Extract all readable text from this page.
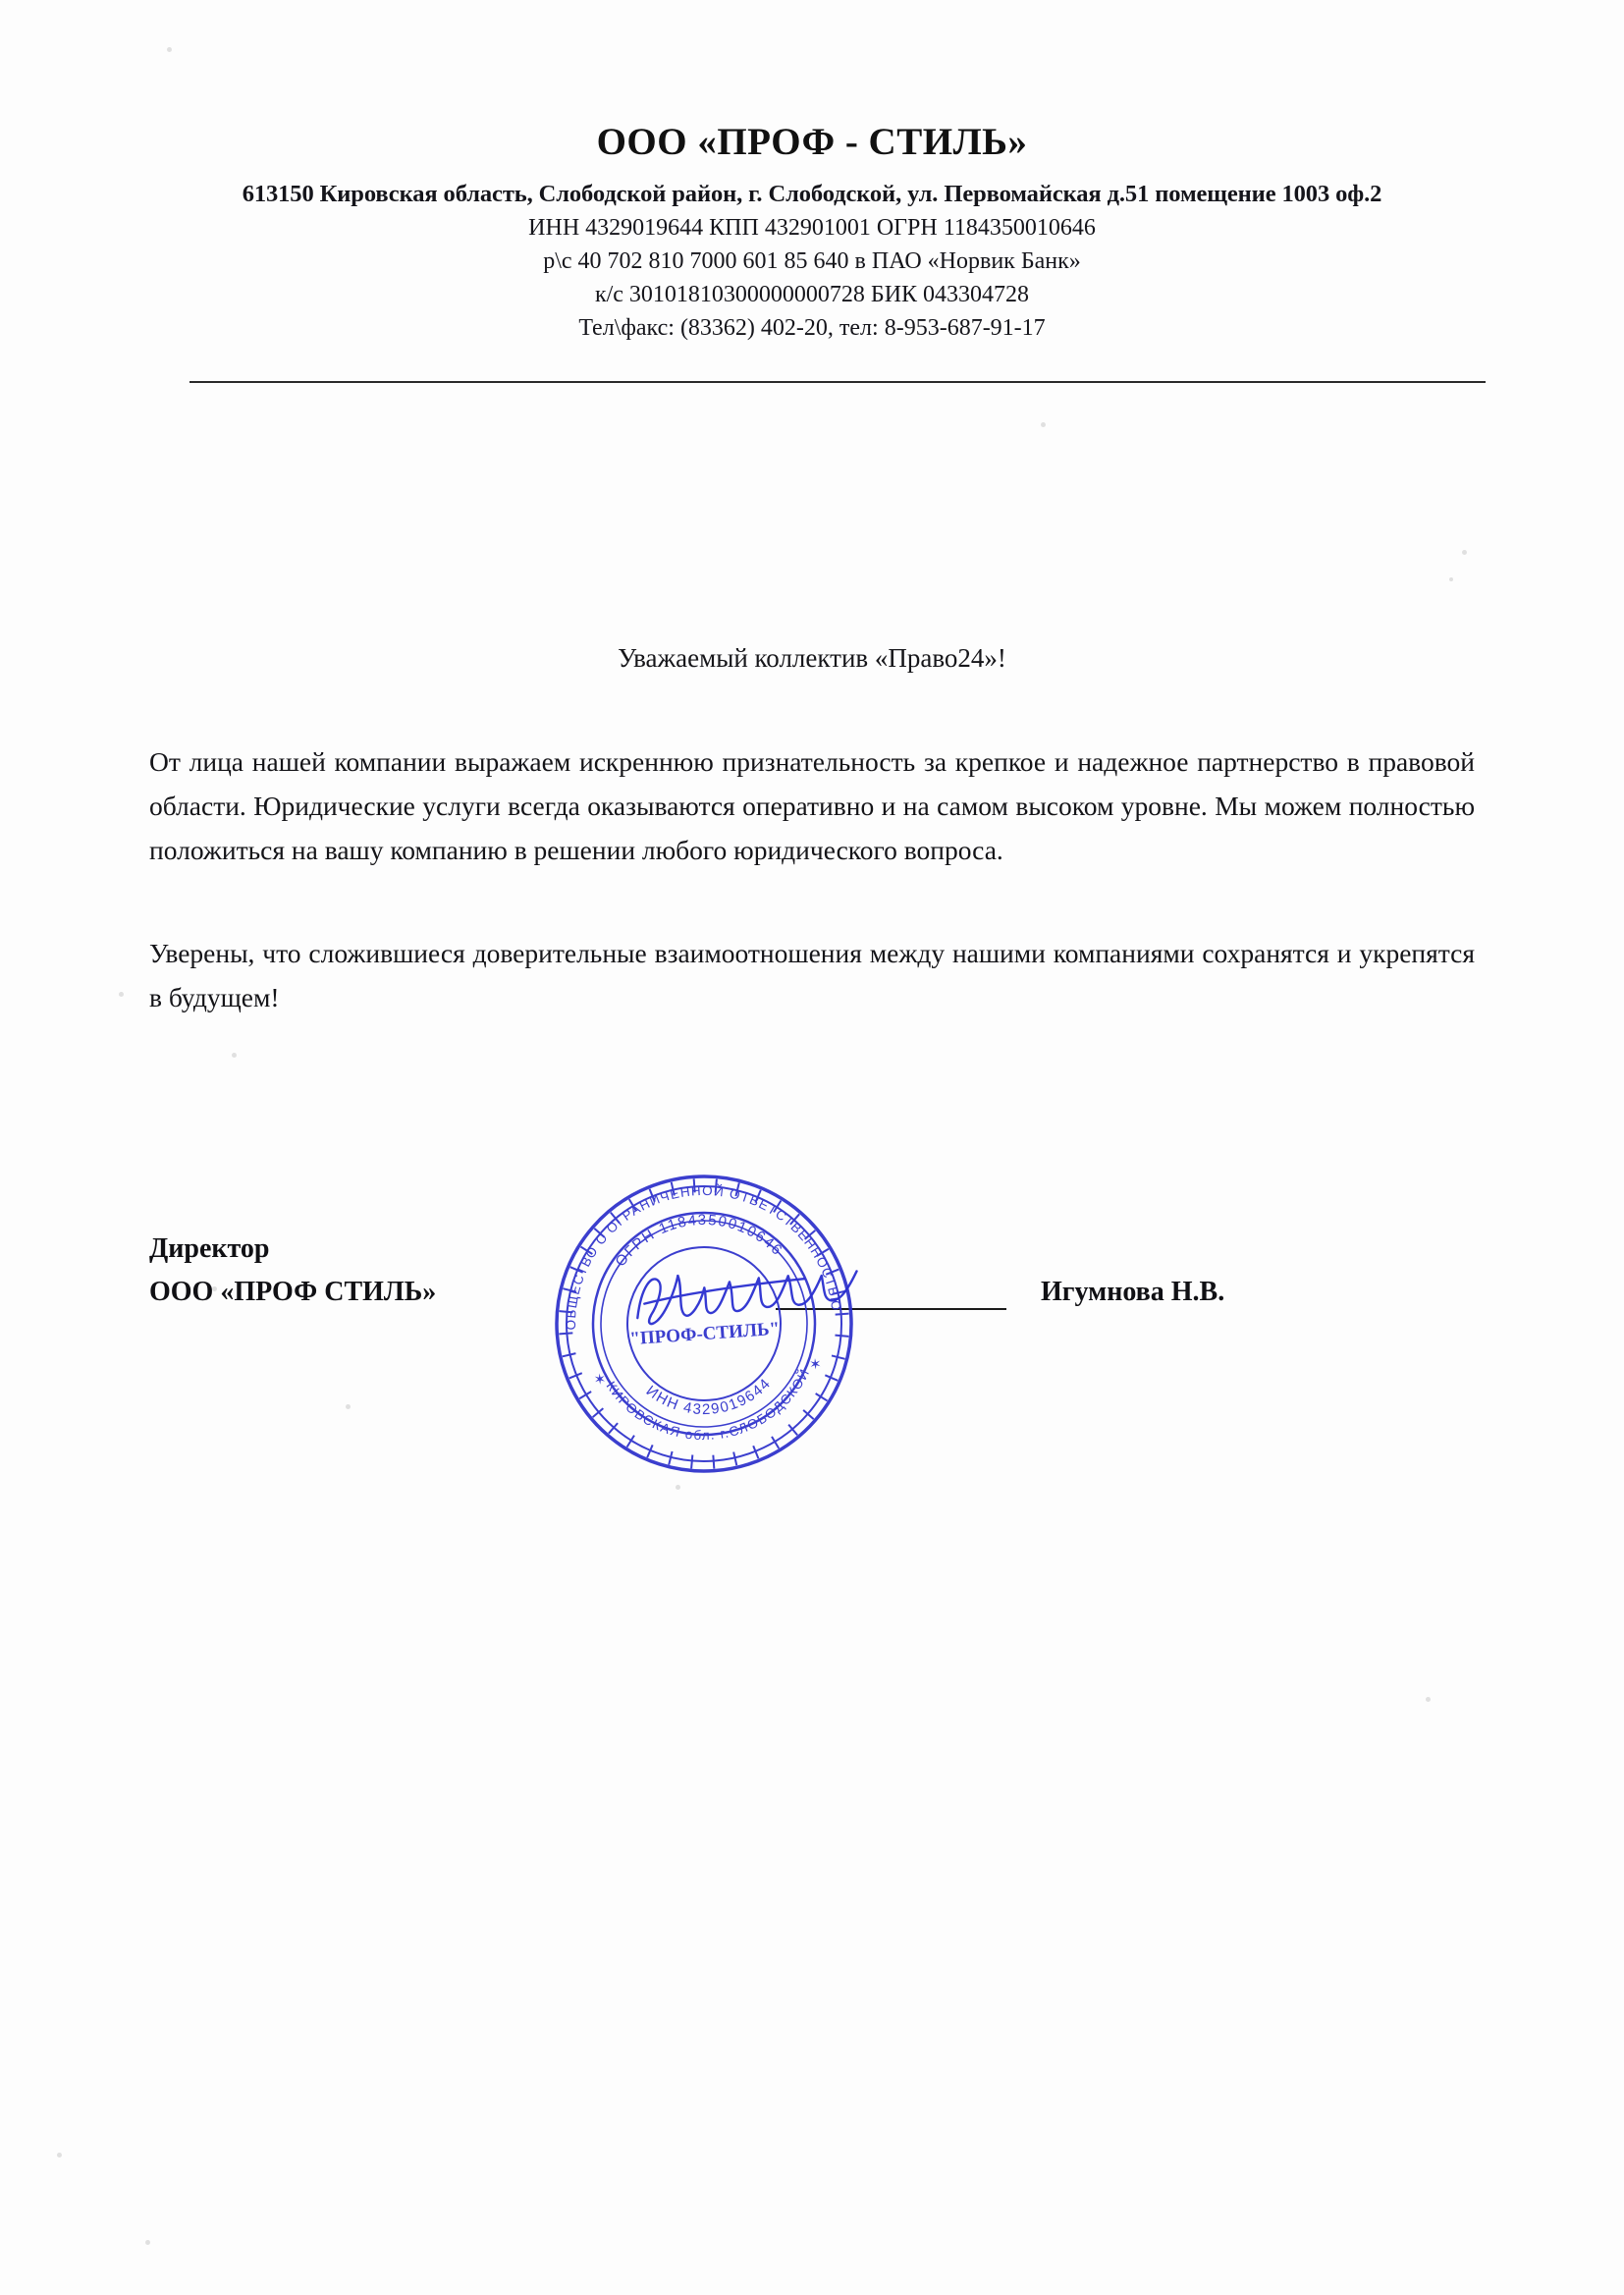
ООО «ПРОФ - СТИЛЬ»
613150 Кировская область, Слободской район, г. Слободской, ул. Первомайская д.51 помещение 1003 оф.2
ИНН 4329019644 КПП 432901001 ОГРН 1184350010646
р\с 40 702 810 7000 601 85 640 в ПАО «Норвик Банк»
к/с 30101810300000000728 БИК 043304728
Тел\факс: (83362) 402-20, тел: 8-953-687-91-17
Уважаемый коллектив «Право24»!

От лица нашей компании выражаем искреннюю признательность за крепкое и надежное партнерство в правовой области. Юридические услуги всегда оказываются оперативно и на самом высоком уровне. Мы можем полностью положиться на вашу компанию в решении любого юридического вопроса.

Уверены, что сложившиеся доверительные взаимоотношения между нашими компаниями сохранятся и укрепятся в будущем!

Директор
ООО «ПРОФ СТИЛЬ»	Игумнова Н.В.
✶
✶
ОБЩЕСТВО С ОГРАНИЧЕННОЙ ОТВЕТСТВЕННОСТЬЮ
КИРОВСКАЯ обл. г.СЛОБОДСКОЙ
ОГРН 1184350010646
ИНН 4329019644
"ПРОФ-СТИЛЬ"
